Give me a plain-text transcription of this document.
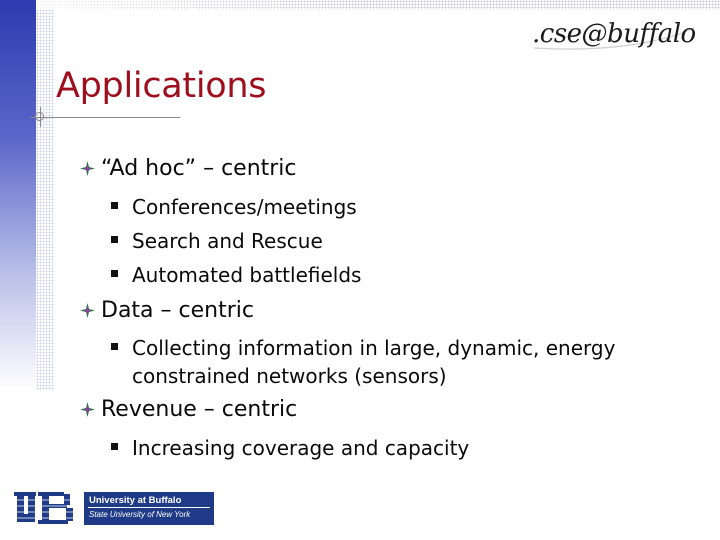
.cse@buffalo
Applications
“Ad hoc” – centric
Conferences/meetings
Search and Rescue
Automated battlefields
Data – centric
Collecting information in large, dynamic, energy constrained networks (sensors)
Revenue – centric
Increasing coverage and capacity
University at Buffalo
State University of New York
